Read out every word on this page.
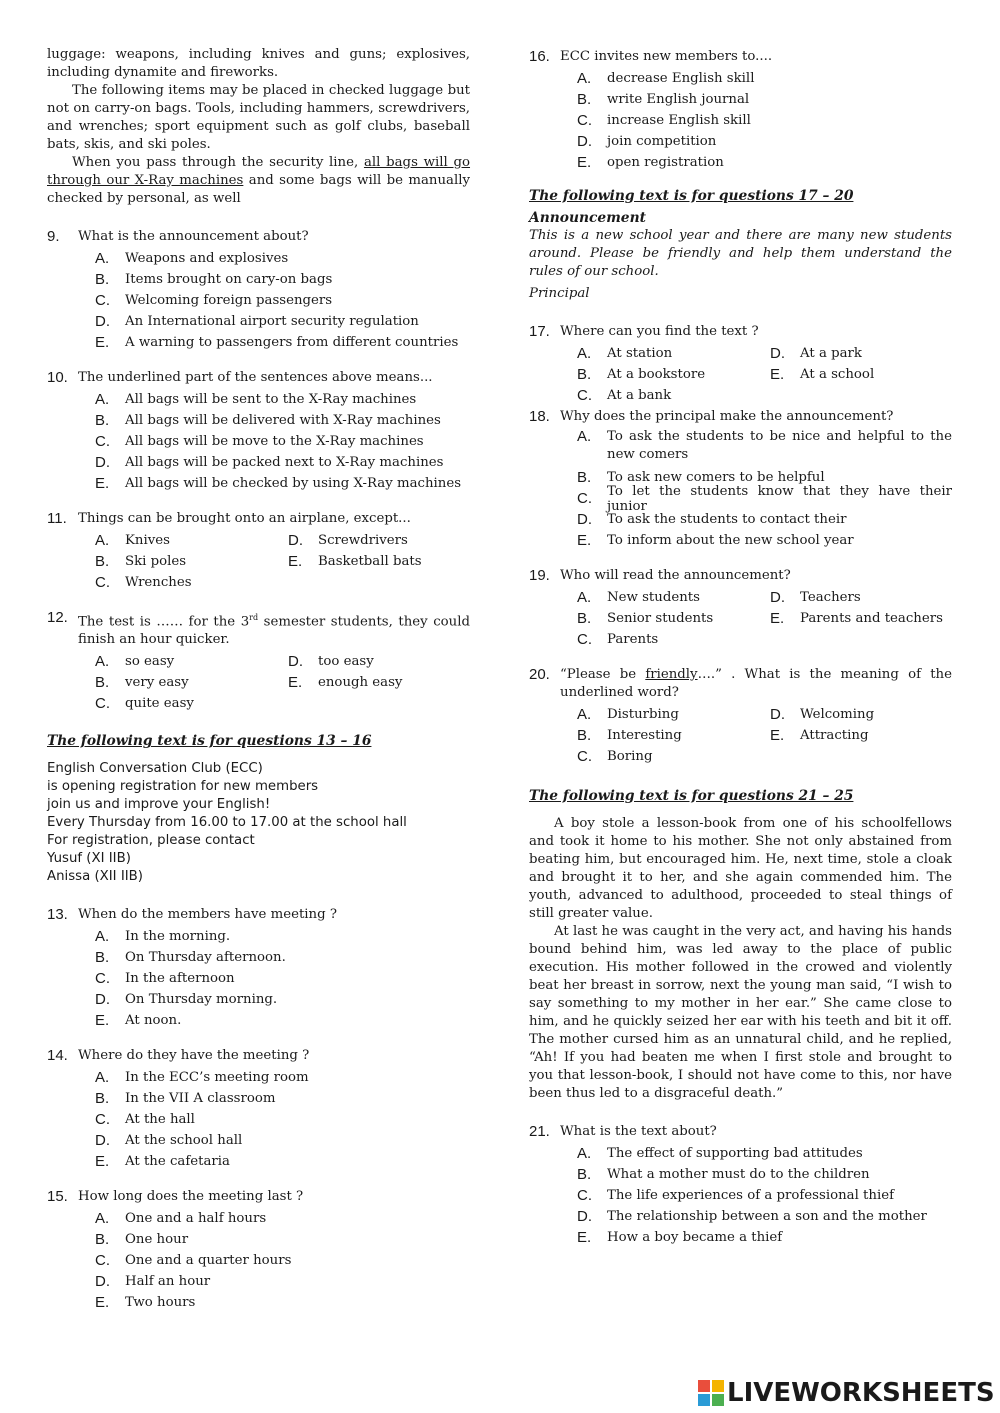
luggage: weapons, including knives and guns; explosives, including dynamite and fireworks.

The following items may be placed in checked luggage but not on carry-on bags. Tools, including hammers, screwdrivers, and wrenches; sport equipment such as golf clubs, baseball bats, skis, and ski poles.

When you pass through the security line, all bags will go through our X-Ray machines and some bags will be manually checked by personal, as well

9.	What is the announcement about?
A.	Weapons and explosives
B.	Items brought on cary-on bags
C.	Welcoming foreign passengers
D.	An International airport security regulation
E.	A warning to passengers from different countries
10. The underlined part of the sentences above means...
A.	All bags will be sent to the X-Ray machines
B.	All bags will be delivered with X-Ray machines
C.	All bags will be move to the X-Ray machines
D.	All bags will be packed next to X-Ray machines
E.	All bags will be checked by using X-Ray machines
11. Things can be brought onto an airplane, except...
A.	Knives	D.	Screwdrivers
B.	Ski poles	E.	Basketball bats
C.	Wrenches
12. The test is …… for the 3rd semester students, they could finish an hour quicker.
A.	so easy	D.	too easy
B.	very easy	E.	enough easy
C.	quite easy
The following text is for questions 13 – 16
English Conversation Club (ECC)
is opening registration for new members
join us and improve your English!
Every Thursday from 16.00 to 17.00 at the school hall
For registration, please contact
Yusuf (XI IIB)
Anissa (XII IIB)
13. When do the members have meeting ?
A.	In the morning.
B.	On Thursday afternoon.
C.	In the afternoon
D.	On Thursday morning.
E.	At noon.
14. Where do they have the meeting ?
A.	In the ECC’s meeting room
B.	In the VII A classroom
C.	At the hall
D.	At the school hall
E.	At the cafetaria
15. How long does the meeting last ?
A.	One and a half hours
B.	One hour
C.	One and a quarter hours
D.	Half an hour
E.	Two hours
16. ECC invites new members to....
A.	decrease English skill
B.	write English journal
C.	increase English skill
D.	join competition
E.	open registration
The following text is for questions 17 – 20
Announcement

This is a new school year and there are many new students around. Please be friendly and help them understand the rules of our school.

Principal
17. Where can you find the text ?
A.	At station	D.	At a park
B.	At a bookstore	E.	At a school
C.	At a bank
18. Why does the principal make the announcement?
A.	To ask the students to be nice and helpful to the new comers
B.	To ask new comers to be helpful
C.	To let the students know that they have their junior
D.	To ask the students to contact their
E.	To inform about the new school year
19. Who will read the announcement?
A.	New students	D.	Teachers
B.	Senior students	E.	Parents and teachers
C.	Parents
20. “Please be friendly….” . What is the meaning of the underlined word?
A.	Disturbing	D.	Welcoming
B.	Interesting	E.	Attracting
C.	Boring
The following text is for questions 21 – 25

A boy stole a lesson-book from one of his schoolfellows and took it home to his mother. She not only abstained from beating him, but encouraged him. He, next time, stole a cloak and brought it to her, and she again commended him. The youth, advanced to adulthood, proceeded to steal things of still greater value.

At last he was caught in the very act, and having his hands bound behind him, was led away to the place of public execution. His mother followed in the crowed and violently beat her breast in sorrow, next the young man said, “I wish to say something to my mother in her ear.” She came close to him, and he quickly seized her ear with his teeth and bit it off. The mother cursed him as an unnatural child, and he replied, “Ah! If you had beaten me when I first stole and brought to you that lesson-book, I should not have come to this, nor have been thus led to a disgraceful death.”

21. What is the text about?
A.	The effect of supporting bad attitudes
B.	What a mother must do to the children
C.	The life experiences of a professional thief
D.	The relationship between a son and the mother
E.	How a boy became a thief
LIVEWORKSHEETS
